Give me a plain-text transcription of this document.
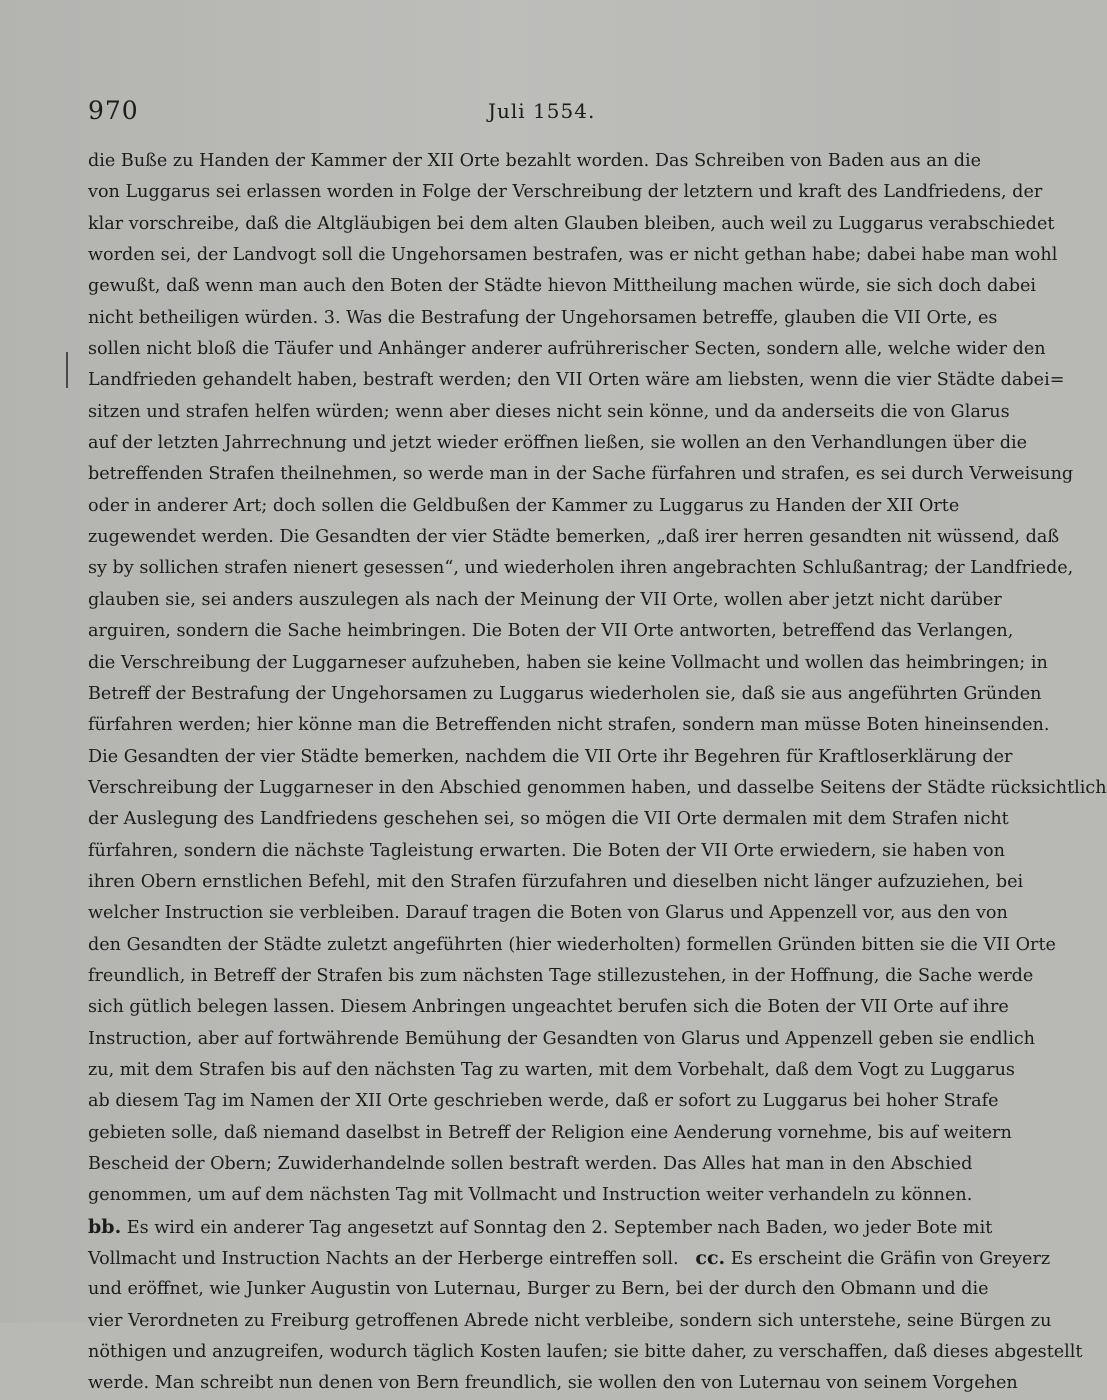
970	Juli 1554.
die Buße zu Handen der Kammer der XII Orte bezahlt worden. Das Schreiben von Baden aus an die
von Luggarus sei erlassen worden in Folge der Verschreibung der letztern und kraft des Landfriedens, der
klar vorschreibe, daß die Altgläubigen bei dem alten Glauben bleiben, auch weil zu Luggarus verabschiedet
worden sei, der Landvogt soll die Ungehorsamen bestrafen, was er nicht gethan habe; dabei habe man wohl
gewußt, daß wenn man auch den Boten der Städte hievon Mittheilung machen würde, sie sich doch dabei
nicht betheiligen würden. 3. Was die Bestrafung der Ungehorsamen betreffe, glauben die VII Orte, es
sollen nicht bloß die Täufer und Anhänger anderer aufrührerischer Secten, sondern alle, welche wider den
Landfrieden gehandelt haben, bestraft werden; den VII Orten wäre am liebsten, wenn die vier Städte dabei=
sitzen und strafen helfen würden; wenn aber dieses nicht sein könne, und da anderseits die von Glarus
auf der letzten Jahrrechnung und jetzt wieder eröffnen ließen, sie wollen an den Verhandlungen über die
betreffenden Strafen theilnehmen, so werde man in der Sache fürfahren und strafen, es sei durch Verweisung
oder in anderer Art; doch sollen die Geldbußen der Kammer zu Luggarus zu Handen der XII Orte
zugewendet werden. Die Gesandten der vier Städte bemerken, „daß irer herren gesandten nit wüssend, daß
sy by sollichen strafen nienert gesessen“, und wiederholen ihren angebrachten Schlußantrag; der Landfriede,
glauben sie, sei anders auszulegen als nach der Meinung der VII Orte, wollen aber jetzt nicht darüber
arguiren, sondern die Sache heimbringen. Die Boten der VII Orte antworten, betreffend das Verlangen,
die Verschreibung der Luggarneser aufzuheben, haben sie keine Vollmacht und wollen das heimbringen; in
Betreff der Bestrafung der Ungehorsamen zu Luggarus wiederholen sie, daß sie aus angeführten Gründen
fürfahren werden; hier könne man die Betreffenden nicht strafen, sondern man müsse Boten hineinsenden.
Die Gesandten der vier Städte bemerken, nachdem die VII Orte ihr Begehren für Kraftloserklärung der
Verschreibung der Luggarneser in den Abschied genommen haben, und dasselbe Seitens der Städte rücksichtlich
der Auslegung des Landfriedens geschehen sei, so mögen die VII Orte dermalen mit dem Strafen nicht
fürfahren, sondern die nächste Tagleistung erwarten. Die Boten der VII Orte erwiedern, sie haben von
ihren Obern ernstlichen Befehl, mit den Strafen fürzufahren und dieselben nicht länger aufzuziehen, bei
welcher Instruction sie verbleiben. Darauf tragen die Boten von Glarus und Appenzell vor, aus den von
den Gesandten der Städte zuletzt angeführten (hier wiederholten) formellen Gründen bitten sie die VII Orte
freundlich, in Betreff der Strafen bis zum nächsten Tage stillezustehen, in der Hoffnung, die Sache werde
sich gütlich belegen lassen. Diesem Anbringen ungeachtet berufen sich die Boten der VII Orte auf ihre
Instruction, aber auf fortwährende Bemühung der Gesandten von Glarus und Appenzell geben sie endlich
zu, mit dem Strafen bis auf den nächsten Tag zu warten, mit dem Vorbehalt, daß dem Vogt zu Luggarus
ab diesem Tag im Namen der XII Orte geschrieben werde, daß er sofort zu Luggarus bei hoher Strafe
gebieten solle, daß niemand daselbst in Betreff der Religion eine Aenderung vornehme, bis auf weitern
Bescheid der Obern; Zuwiderhandelnde sollen bestraft werden. Das Alles hat man in den Abschied
genommen, um auf dem nächsten Tag mit Vollmacht und Instruction weiter verhandeln zu können.
bb. Es wird ein anderer Tag angesetzt auf Sonntag den 2. September nach Baden, wo jeder Bote mit
Vollmacht und Instruction Nachts an der Herberge eintreffen soll. cc. Es erscheint die Gräfin von Greyerz
und eröffnet, wie Junker Augustin von Luternau, Burger zu Bern, bei der durch den Obmann und die
vier Verordneten zu Freiburg getroffenen Abrede nicht verbleibe, sondern sich unterstehe, seine Bürgen zu
nöthigen und anzugreifen, wodurch täglich Kosten laufen; sie bitte daher, zu verschaffen, daß dieses abgestellt
werde. Man schreibt nun denen von Bern freundlich, sie wollen den von Luternau von seinem Vorgehen
